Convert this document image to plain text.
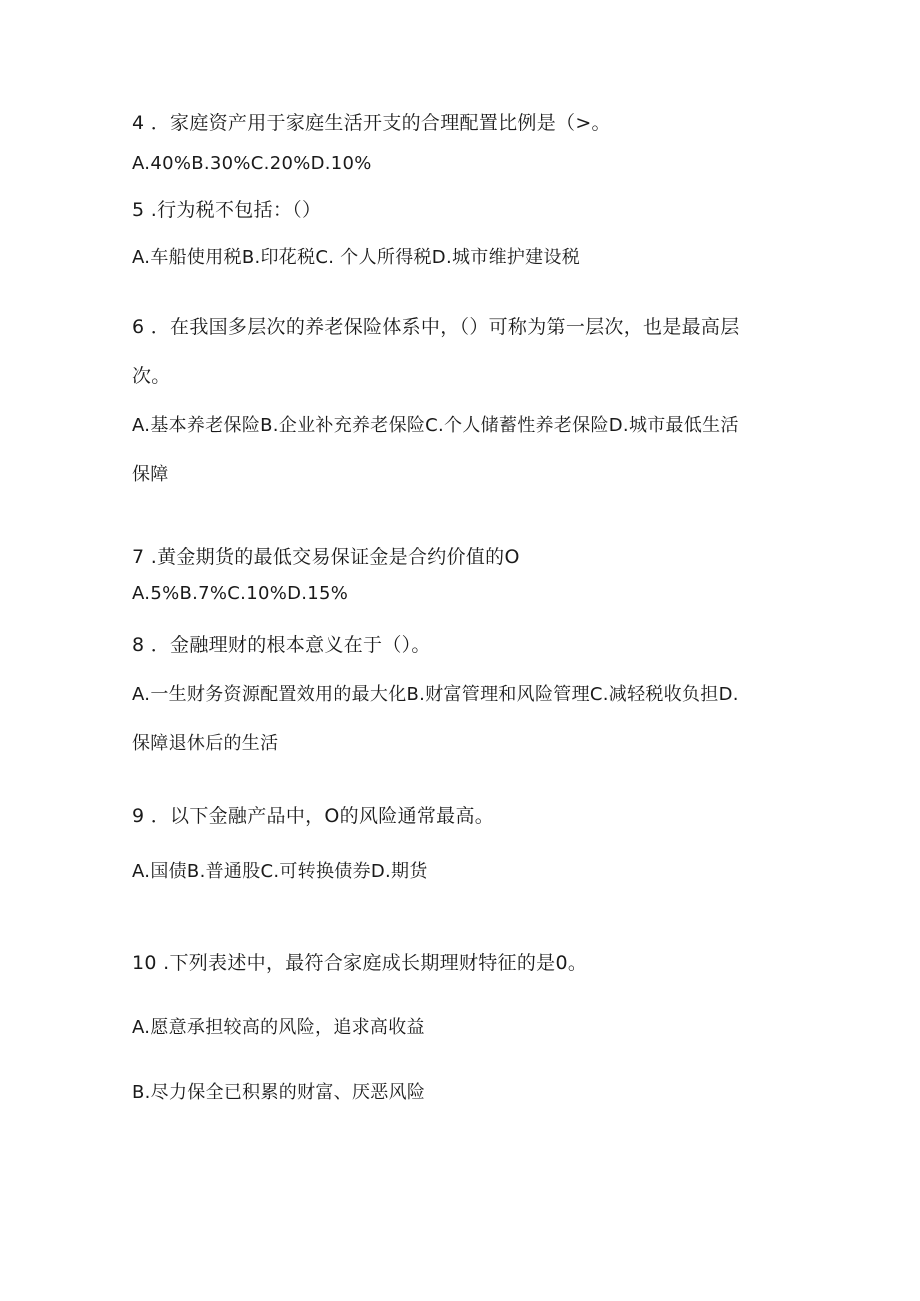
4 ．家庭资产用于家庭生活开支的合理配置比例是（>。
A.40%B.30%C.20%D.10%
5 .行为税不包括：（）
A.车船使用税B.印花税C. 个人所得税D.城市维护建设税
6 ．在我国多层次的养老保险体系中，（）可称为第一层次，也是最高层
次。
A.基本养老保险B.企业补充养老保险C.个人储蓄性养老保险D.城市最低生活
保障
7 .黄金期货的最低交易保证金是合约价值的O
A.5%B.7%C.10%D.15%
8 ．金融理财的根本意义在于（）。
A.一生财务资源配置效用的最大化B.财富管理和风险管理C.减轻税收负担D.
保障退休后的生活
9 ．以下金融产品中，O的风险通常最高。
A.国债B.普通股C.可转换债券D.期货
10 .下列表述中，最符合家庭成长期理财特征的是0。
A.愿意承担较高的风险，追求高收益
B.尽力保全已积累的财富、厌恶风险
